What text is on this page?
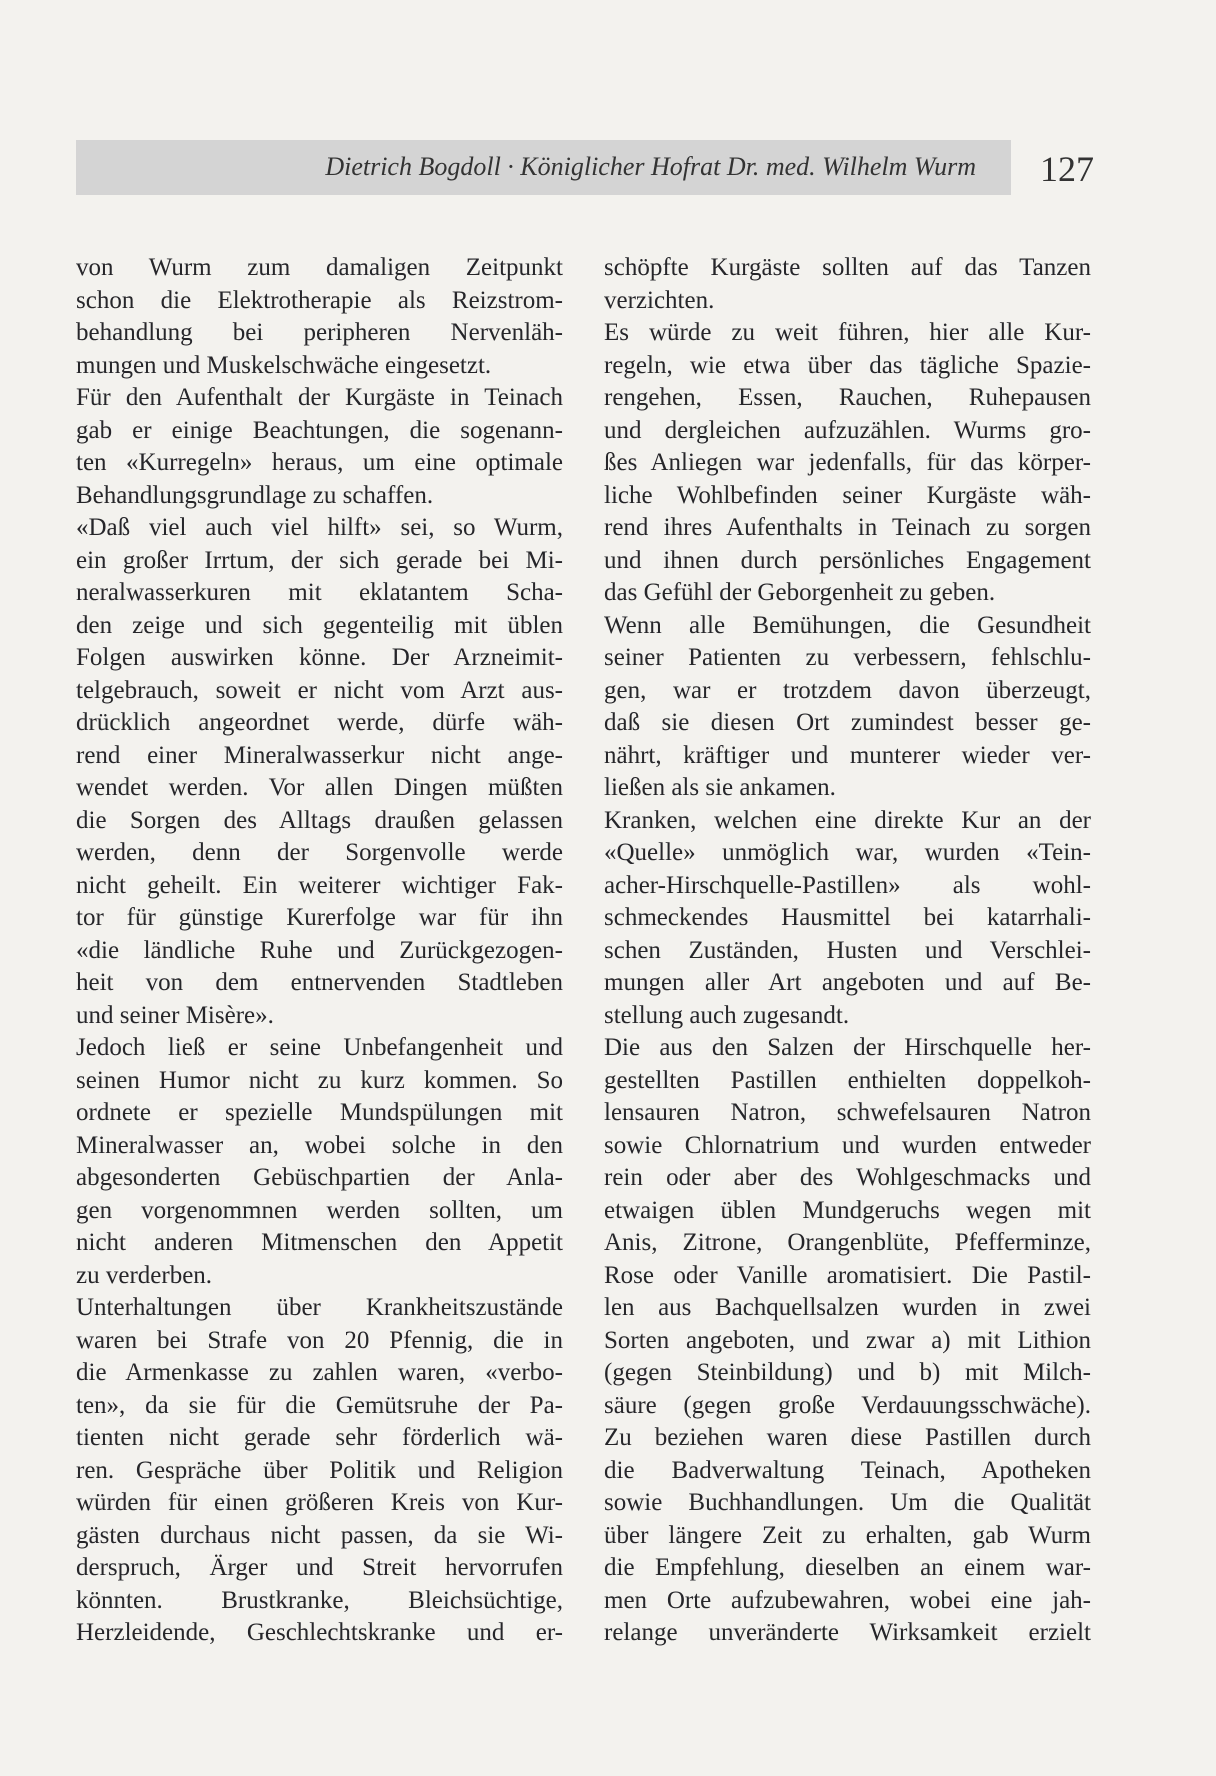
Dietrich Bogdoll · Königlicher Hofrat Dr. med. Wilhelm Wurm 127
von Wurm zum damaligen Zeitpunkt
schon die Elektrotherapie als Reizstrom-
behandlung bei peripheren Nervenläh-
mungen und Muskelschwäche eingesetzt.
Für den Aufenthalt der Kurgäste in Teinach
gab er einige Beachtungen, die sogenann-
ten «Kurregeln» heraus, um eine optimale
Behandlungsgrundlage zu schaffen.
«Daß viel auch viel hilft» sei, so Wurm,
ein großer Irrtum, der sich gerade bei Mi-
neralwasserkuren mit eklatantem Scha-
den zeige und sich gegenteilig mit üblen
Folgen auswirken könne. Der Arzneimit-
telgebrauch, soweit er nicht vom Arzt aus-
drücklich angeordnet werde, dürfe wäh-
rend einer Mineralwasserkur nicht ange-
wendet werden. Vor allen Dingen müßten
die Sorgen des Alltags draußen gelassen
werden, denn der Sorgenvolle werde
nicht geheilt. Ein weiterer wichtiger Fak-
tor für günstige Kurerfolge war für ihn
«die ländliche Ruhe und Zurückgezogen-
heit von dem entnervenden Stadtleben
und seiner Misère».
Jedoch ließ er seine Unbefangenheit und
seinen Humor nicht zu kurz kommen. So
ordnete er spezielle Mundspülungen mit
Mineralwasser an, wobei solche in den
abgesonderten Gebüschpartien der Anla-
gen vorgenommnen werden sollten, um
nicht anderen Mitmenschen den Appetit
zu verderben.
Unterhaltungen über Krankheitszustände
waren bei Strafe von 20 Pfennig, die in
die Armenkasse zu zahlen waren, «verbo-
ten», da sie für die Gemütsruhe der Pa-
tienten nicht gerade sehr förderlich wä-
ren. Gespräche über Politik und Religion
würden für einen größeren Kreis von Kur-
gästen durchaus nicht passen, da sie Wi-
derspruch, Ärger und Streit hervorrufen
könnten. Brustkranke, Bleichsüchtige,
Herzleidende, Geschlechtskranke und er-
schöpfte Kurgäste sollten auf das Tanzen
verzichten.
Es würde zu weit führen, hier alle Kur-
regeln, wie etwa über das tägliche Spazie-
rengehen, Essen, Rauchen, Ruhepausen
und dergleichen aufzuzählen. Wurms gro-
ßes Anliegen war jedenfalls, für das körper-
liche Wohlbefinden seiner Kurgäste wäh-
rend ihres Aufenthalts in Teinach zu sorgen
und ihnen durch persönliches Engagement
das Gefühl der Geborgenheit zu geben.
Wenn alle Bemühungen, die Gesundheit
seiner Patienten zu verbessern, fehlschlu-
gen, war er trotzdem davon überzeugt,
daß sie diesen Ort zumindest besser ge-
nährt, kräftiger und munterer wieder ver-
ließen als sie ankamen.
Kranken, welchen eine direkte Kur an der
«Quelle» unmöglich war, wurden «Tein-
acher-Hirschquelle-Pastillen» als wohl-
schmeckendes Hausmittel bei katarrhali-
schen Zuständen, Husten und Verschlei-
mungen aller Art angeboten und auf Be-
stellung auch zugesandt.
Die aus den Salzen der Hirschquelle her-
gestellten Pastillen enthielten doppelkoh-
lensauren Natron, schwefelsauren Natron
sowie Chlornatrium und wurden entweder
rein oder aber des Wohlgeschmacks und
etwaigen üblen Mundgeruchs wegen mit
Anis, Zitrone, Orangenblüte, Pfefferminze,
Rose oder Vanille aromatisiert. Die Pastil-
len aus Bachquellsalzen wurden in zwei
Sorten angeboten, und zwar a) mit Lithion
(gegen Steinbildung) und b) mit Milch-
säure (gegen große Verdauungsschwäche).
Zu beziehen waren diese Pastillen durch
die Badverwaltung Teinach, Apotheken
sowie Buchhandlungen. Um die Qualität
über längere Zeit zu erhalten, gab Wurm
die Empfehlung, dieselben an einem war-
men Orte aufzubewahren, wobei eine jah-
relange unveränderte Wirksamkeit erzielt
